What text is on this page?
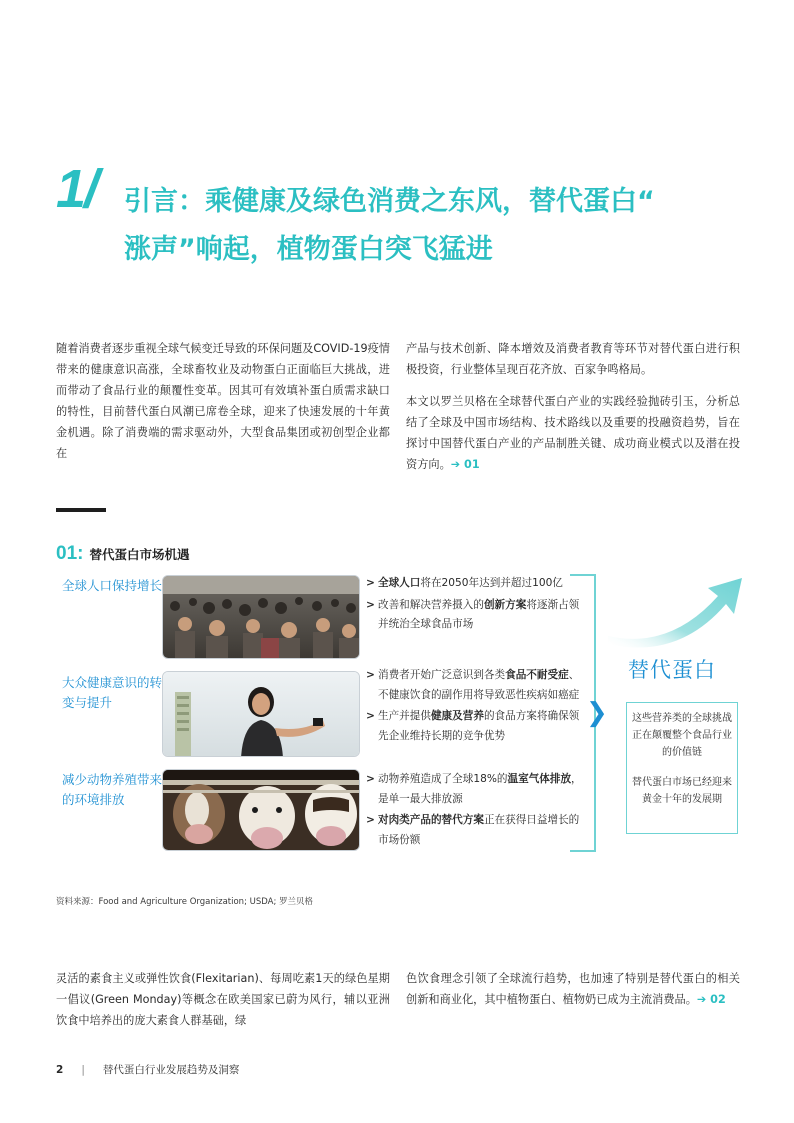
1/ 引言：乘健康及绿色消费之东风，替代蛋白“
涨声”响起，植物蛋白突飞猛进

随着消费者逐步重视全球气候变迁导致的环保问题及COVID-19疫情带来的健康意识高涨，全球畜牧业及动物蛋白正面临巨大挑战，进而带动了食品行业的颠覆性变革。因其可有效填补蛋白质需求缺口的特性，目前替代蛋白风潮已席卷全球，迎来了快速发展的十年黄金机遇。除了消费端的需求驱动外，大型食品集团或初创型企业都在

产品与技术创新、降本增效及消费者教育等环节对替代蛋白进行积极投资，行业整体呈现百花齐放、百家争鸣格局。

本文以罗兰贝格在全球替代蛋白产业的实践经验抛砖引玉，分析总结了全球及中国市场结构、技术路线以及重要的投融资趋势，旨在探讨中国替代蛋白产业的产品制胜关键、成功商业模式以及潜在投资方向。➔ 01

01: 替代蛋白市场机遇
全球人口保持增长
>	全球人口将在2050年达到并超过100亿
> 改善和解决营养摄入的创新方案将逐渐占领并统治全球食品市场
大众健康意识的转变与提升
> 消费者开始广泛意识到各类食品不耐受症、不健康饮食的副作用将导致恶性疾病如癌症
> 生产并提供健康及营养的食品方案将确保领先企业维持长期的竞争优势
减少动物养殖带来的环境排放
> 动物养殖造成了全球18%的温室气体排放，是单一最大排放源
> 对肉类产品的替代方案正在获得日益增长的市场份额
❯
替代蛋白

这些营养类的全球挑战正在颠覆整个食品行业的价值链

替代蛋白市场已经迎来黄金十年的发展期

资料来源：Food and Agriculture Organization; USDA; 罗兰贝格

灵活的素食主义或弹性饮食(Flexitarian)、每周吃素1天的绿色星期一倡议(Green Monday)等概念在欧美国家已蔚为风行，辅以亚洲饮食中培养出的庞大素食人群基础，绿

色饮食理念引领了全球流行趋势，也加速了特别是替代蛋白的相关创新和商业化，其中植物蛋白、植物奶已成为主流消费品。➔ 02

2 | 替代蛋白行业发展趋势及洞察
